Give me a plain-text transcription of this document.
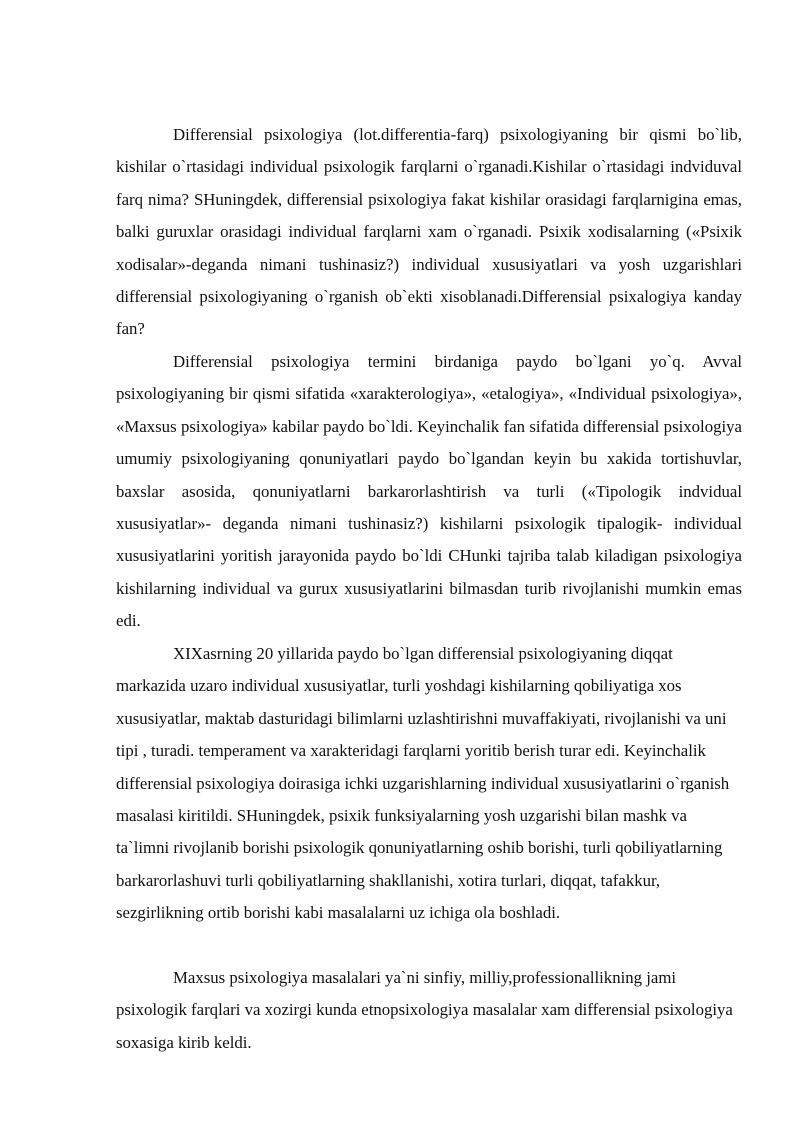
Differensial psixologiya (lot.differentia-farq) psixologiyaning bir qismi bo`lib, kishilar o`rtasidagi individual psixologik farqlarni o`rganadi.Kishilar o`rtasidagi indviduval farq nima? SHuningdek, differensial psixologiya fakat kishilar orasidagi farqlarnigina emas, balki guruxlar orasidagi individual farqlarni xam o`rganadi. Psixik xodisalarning («Psixik xodisalar»-deganda nimani tushinasiz?) individual xususiyatlari va yosh uzgarishlari differensial psixologiyaning o`rganish ob`ekti xisoblanadi.Differensial psixalogiya kanday fan?

Differensial psixologiya termini birdaniga paydo bo`lgani yo`q. Avval psixologiyaning bir qismi sifatida «xarakterologiya», «etalogiya», «Individual psixologiya», «Maxsus psixologiya» kabilar paydo bo`ldi. Keyinchalik fan sifatida differensial psixologiya umumiy psixologiyaning qonuniyatlari paydo bo`lgandan keyin bu xakida tortishuvlar, baxslar asosida, qonuniyatlarni barkarorlashtirish va turli («Tipologik indvidual xususiyatlar»- deganda nimani tushinasiz?) kishilarni psixologik tipalogik- individual xususiyatlarini yoritish jarayonida paydo bo`ldi CHunki tajriba talab kiladigan psixologiya kishilarning individual va gurux xususiyatlarini bilmasdan turib rivojlanishi mumkin emas edi.

XIXasrning 20 yillarida paydo bo`lgan differensial psixologiyaning diqqat markazida uzaro individual xususiyatlar, turli yoshdagi kishilarning qobiliyatiga xos xususiyatlar, maktab dasturidagi bilimlarni uzlashtirishni muvaffakiyati, rivojlanishi va uni tipi , turadi. temperament va xarakteridagi farqlarni yoritib berish turar edi. Keyinchalik differensial psixologiya doirasiga ichki uzgarishlarning individual xususiyatlarini o`rganish masalasi kiritildi. SHuningdek, psixik funksiyalarning yosh uzgarishi bilan mashk va ta`limni rivojlanib borishi psixologik qonuniyatlarning oshib borishi, turli qobiliyatlarning barkarorlashuvi turli qobiliyatlarning shakllanishi, xotira turlari, diqqat, tafakkur, sezgirlikning ortib borishi kabi masalalarni uz ichiga ola boshladi.

Maxsus psixologiya masalalari ya`ni sinfiy, milliy,professionallikning jami psixologik farqlari va xozirgi kunda etnopsixologiya masalalar xam differensial psixologiya soxasiga kirib keldi.
